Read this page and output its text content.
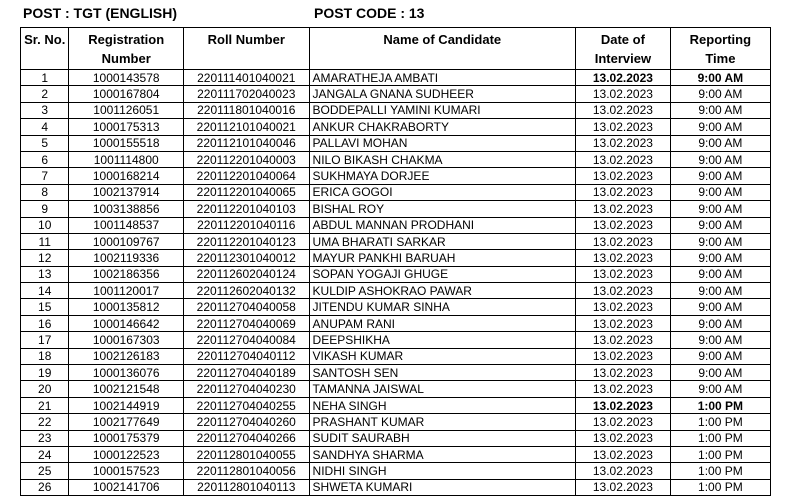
POST : TGT (ENGLISH)	POST CODE : 13
Sr. No.	Registration Number	Roll Number	Name of Candidate	Date of Interview	Reporting Time
1	1000143578	220111401040021	AMARATHEJA AMBATI	13.02.2023	9:00 AM
2	1000167804	220111702040023	JANGALA GNANA SUDHEER	13.02.2023	9:00 AM
3	1001126051	220111801040016	BODDEPALLI YAMINI KUMARI	13.02.2023	9:00 AM
4	1000175313	220112101040021	ANKUR CHAKRABORTY	13.02.2023	9:00 AM
5	1000155518	220112101040046	PALLAVI MOHAN	13.02.2023	9:00 AM
6	1001114800	220112201040003	NILO BIKASH CHAKMA	13.02.2023	9:00 AM
7	1000168214	220112201040064	SUKHMAYA DORJEE	13.02.2023	9:00 AM
8	1002137914	220112201040065	ERICA GOGOI	13.02.2023	9:00 AM
9	1003138856	220112201040103	BISHAL ROY	13.02.2023	9:00 AM
10	1001148537	220112201040116	ABDUL MANNAN PRODHANI	13.02.2023	9:00 AM
11	1000109767	220112201040123	UMA BHARATI SARKAR	13.02.2023	9:00 AM
12	1002119336	220112301040012	MAYUR PANKHI BARUAH	13.02.2023	9:00 AM
13	1002186356	220112602040124	SOPAN YOGAJI GHUGE	13.02.2023	9:00 AM
14	1001120017	220112602040132	KULDIP ASHOKRAO PAWAR	13.02.2023	9:00 AM
15	1000135812	220112704040058	JITENDU KUMAR SINHA	13.02.2023	9:00 AM
16	1000146642	220112704040069	ANUPAM RANI	13.02.2023	9:00 AM
17	1000167303	220112704040084	DEEPSHIKHA	13.02.2023	9:00 AM
18	1002126183	220112704040112	VIKASH KUMAR	13.02.2023	9:00 AM
19	1000136076	220112704040189	SANTOSH SEN	13.02.2023	9:00 AM
20	1002121548	220112704040230	TAMANNA JAISWAL	13.02.2023	9:00 AM
21	1002144919	220112704040255	NEHA SINGH	13.02.2023	1:00 PM
22	1002177649	220112704040260	PRASHANT KUMAR	13.02.2023	1:00 PM
23	1000175379	220112704040266	SUDIT SAURABH	13.02.2023	1:00 PM
24	1000122523	220112801040055	SANDHYA SHARMA	13.02.2023	1:00 PM
25	1000157523	220112801040056	NIDHI SINGH	13.02.2023	1:00 PM
26	1002141706	220112801040113	SHWETA KUMARI	13.02.2023	1:00 PM
